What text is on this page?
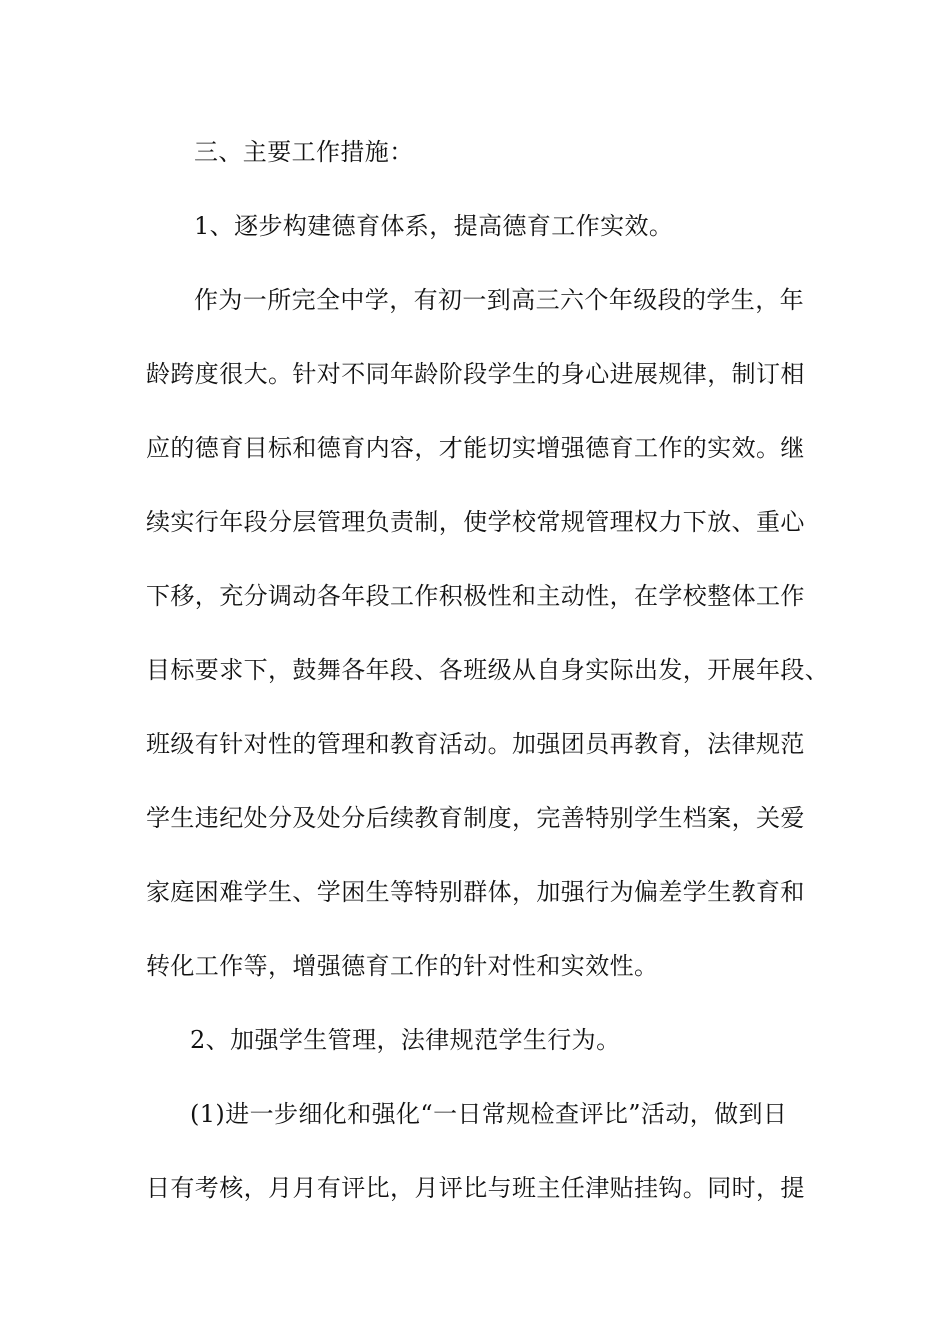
三、主要工作措施：
1、逐步构建德育体系，提高德育工作实效。
作为一所完全中学，有初一到高三六个年级段的学生，年
龄跨度很大。针对不同年龄阶段学生的身心进展规律，制订相
应的德育目标和德育内容，才能切实增强德育工作的实效。继
续实行年段分层管理负责制，使学校常规管理权力下放、重心
下移，充分调动各年段工作积极性和主动性，在学校整体工作
目标要求下，鼓舞各年段、各班级从自身实际出发，开展年段、
班级有针对性的管理和教育活动。加强团员再教育，法律规范
学生违纪处分及处分后续教育制度，完善特别学生档案，关爱
家庭困难学生、学困生等特别群体，加强行为偏差学生教育和
转化工作等，增强德育工作的针对性和实效性。
2、加强学生管理，法律规范学生行为。
(1)进一步细化和强化“一日常规检查评比”活动，做到日
日有考核，月月有评比，月评比与班主任津贴挂钩。同时，提
